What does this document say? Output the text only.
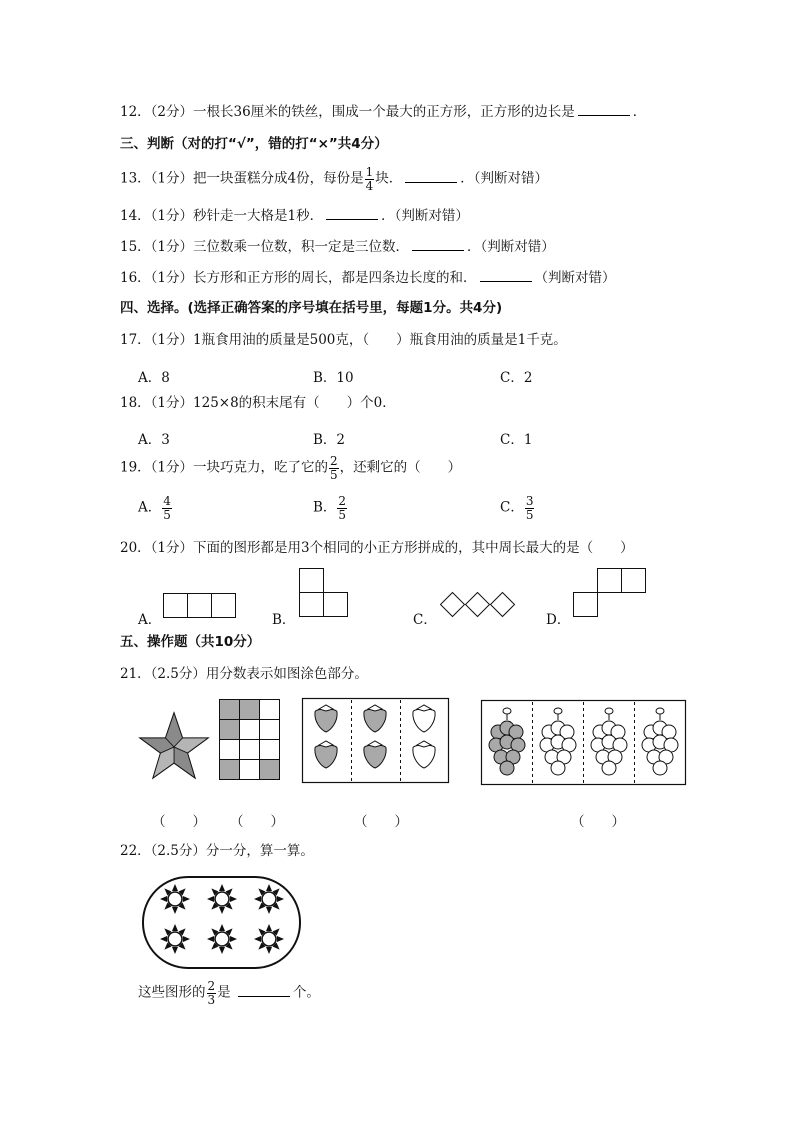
12．（2分）一根长36厘米的铁丝，围成一个最大的正方形，正方形的边长是	．
三、判断（对的打“√”，错的打“×”共4分）
13．（1分）把一块蛋糕分成4份，每份是 $\frac{1}{4}$ 块．	．（判断对错）
14．（1分）秒针走一大格是1秒．	．（判断对错）
15．（1分）三位数乘一位数，积一定是三位数．	．（判断对错）
16．（1分）长方形和正方形的周长，都是四条边长度的和．	（判断对错）
四、选择。(选择正确答案的序号填在括号里，每题1分。共4分)
17．（1分）1瓶食用油的质量是500克，（　　）瓶食用油的质量是1千克。
A．8	B．10	C．2
18．（1分）125×8的积末尾有（　　）个0．
A．3	B．2	C．1
19．（1分）一块巧克力，吃了它的 $\frac{2}{5}$ ，还剩它的（　　）
A． $\frac{4}{5}$	B． $\frac{2}{5}$	C． $\frac{3}{5}$
20．（1分）下面的图形都是用3个相同的小正方形拼成的，其中周长最大的是（　　）
A．	B．	C．	D．
五、操作题（共10分）
21．（2.5分）用分数表示如图涂色部分。
（　　） （　　）	（　　）	（　　）
22．（2.5分）分一分，算一算。
这些图形的 $\frac{2}{3}$ 是	个。
